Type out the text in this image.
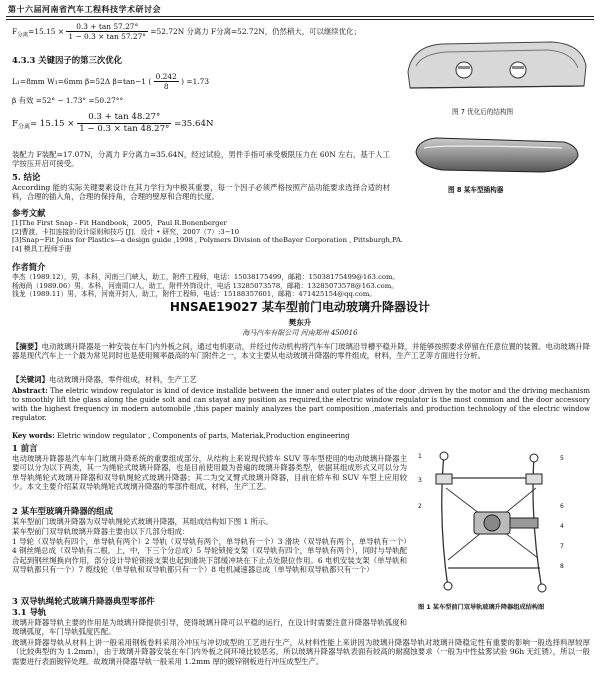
第十六届河南省汽车工程科技学术研讨会
$F_{分离}=15.15 \times \frac{0.3 + \tan 57.27^\circ}{1 - 0.3 \times \tan 57.27^\circ} =52.72N$ 分离力 F分离=52.72N，仍然稍大，可以继续优化；
4.3.3 关键因子的第三次优化
L₁=8mm W₁=6mm β=52Δ β=tan−1 ( $\frac{0.242}{8}$ ) =1.73
β 有效 =52° − 1.73° =50.27°°
$F_{分离}= 15.15 \times \frac{0.3 + \tan 48.27^\circ}{1 - 0.3 \times \tan 48.27^\circ} =35.64N$
装配力 F装配=17.07N，分离力 F分离力=35.64N，经过试验，男件手指可承受极限压力在 60N 左右，基于人工学按压开启可接受。
5. 结论
According 能的实际关键要素设计在其力学行为中极其重要，每一个因子必须严格按照产品功能要求选择合适的材料，合理的插入角，合理的保持角，合理的壁厚和合理的长度。
参考文献
[1]The First Snap - Fit Handbook，2005，Paul R.Bonenberger
[2]曹渡，卡扣连接的设计原则和技巧 [J]．设计 • 研究，2007（7）:3−10
[3]Snap−Fit Joins for Plastics—a design guide ,1998 , Polymers Division of theBayer Corporation , Pittsburgh,PA.
[4] 模具工程师手册
作者简介
李杰（1989.12），男，本科，河南三门峡人，助工，附件工程师，电话：15038175499，邮箱：15038175499@163.com。
杨海尚（1989.06）男，本科，河南周口人，助工，附件外饰设计，电话 13285073578，邮箱：13285073578@163.com。
钱龙（1989.11）男，本科，河南开封人，助工，附件工程师，电话：15188357601，邮箱：471425154@qq.com。
图 7 优化后的结构图
图 8 某车型插构器
HNSAE19027 某车型前门电动玻璃升降器设计
樊东升
海马汽车有限公司 河南郑州 450016
【摘要】电动玻璃升降器是一种安装在车门内外板之间，通过电机驱动，并经过传动机构将汽车车门玻璃沿导槽平稳升降，并能够按照要求停留在任意位置的装置。电动玻璃升降器是现代汽车上一个最为常见同时也是使用频率最高的车门附件之一，本文主要从电动玻璃升降器的零件组成，材料，生产工艺等方面进行分析。
【关键词】电动玻璃升降器，零件组成，材料，生产工艺
Abstract: The eletric window regulator is kind of device installde between the inner and outer plates of the door ,driven by the motor and the driving mechanism to smoothly lift the glass along the guide solt and can stayat any position as required,the electric window regulator is the most common and the door accessory with the highest frequency in modern automobile ,this paper mainly analyzes the part composition ,materials and production technology of the electric window regulator.
Key words: Eletric window regulator , Components of parts, Materiak,Production engineering
1 前言
电动玻璃升降器是汽车车门玻璃升降系统的重要组成部分，从结构上来说现代轿车 SUV 等车型使用的电动玻璃升降器主要可以分为以下两类，其一为绳轮式玻璃升降器，也是目前使用最为普遍的玻璃升降器类型，依据其组成形式又可以分为单导轨绳轮式玻璃升降器和双导轨绳轮式玻璃升降器；其二为交叉臂式玻璃升降器，目前在轿车和 SUV 车型上应用较少。本文主要介绍某双导轨绳轮式玻璃升降器的零部件组成，材料，生产工艺。
2 某车型玻璃升降器的组成
某车型前门玻璃升降器为双导轨绳轮式玻璃升降器，其组成结构如下图 1 所示。
某车型前门双导轨玻璃升降器主要由以下几部分组成：
1 导轮（双导轨有四个，单导轨有两个）2 导轨（双导轨有两个，单导轨有一个）3 滑块（双导轨有两个，单导轨有一个）4 钢丝绳总成（双导轨有二根，上，中，下三个分总成）5 导轮锁接支架（双导轨有四个，单导轨有两个），同时与导轨配合起到钢丝绳换向作用，部分设计导轮锁接支架也起到滑块下部缓冲块在下止点处限位作用。6 电机安装支架（单导轨和双导轨都只有一个）7 缆线轮（单导轨和双导轨都只有一个）8 电机减速器总成（单导轨和双导轨都只有一个）
1
2
3
4
5
6
7
8
图 1 某车型前门双导轨玻璃升降器组成结构图
3 双导轨绳轮式玻璃升降器典型零部件
3.1 导轨
玻璃升降器导轨主要的作用是为玻璃升降提供引导，使得玻璃升降可以平稳的运行，在设计时需要注意升降器导轨弧度和玻璃弧度，车门导轨弧度匹配。
玻璃升降器导轨从材料上讲一般采用钢板卷料采用冷冲压与冲切成型的工艺进行生产，从材料性能上来讲因为玻璃升降器导轨对玻璃升降稳定性有重要的影响一般选择料厚较厚（比较典型的为 1.2mm），由于玻璃升降器安装在车门内外板之间环境比较恶劣，所以玻璃升降器导轨表面有较高的耐腐蚀要求（一般为中性盐雾试验 96h 无红锈），所以一般需要进行表面镀锌处理。故玻璃升降器导轨一般采用 1.2mm 厚的镀锌钢板进行冲压成型生产。
